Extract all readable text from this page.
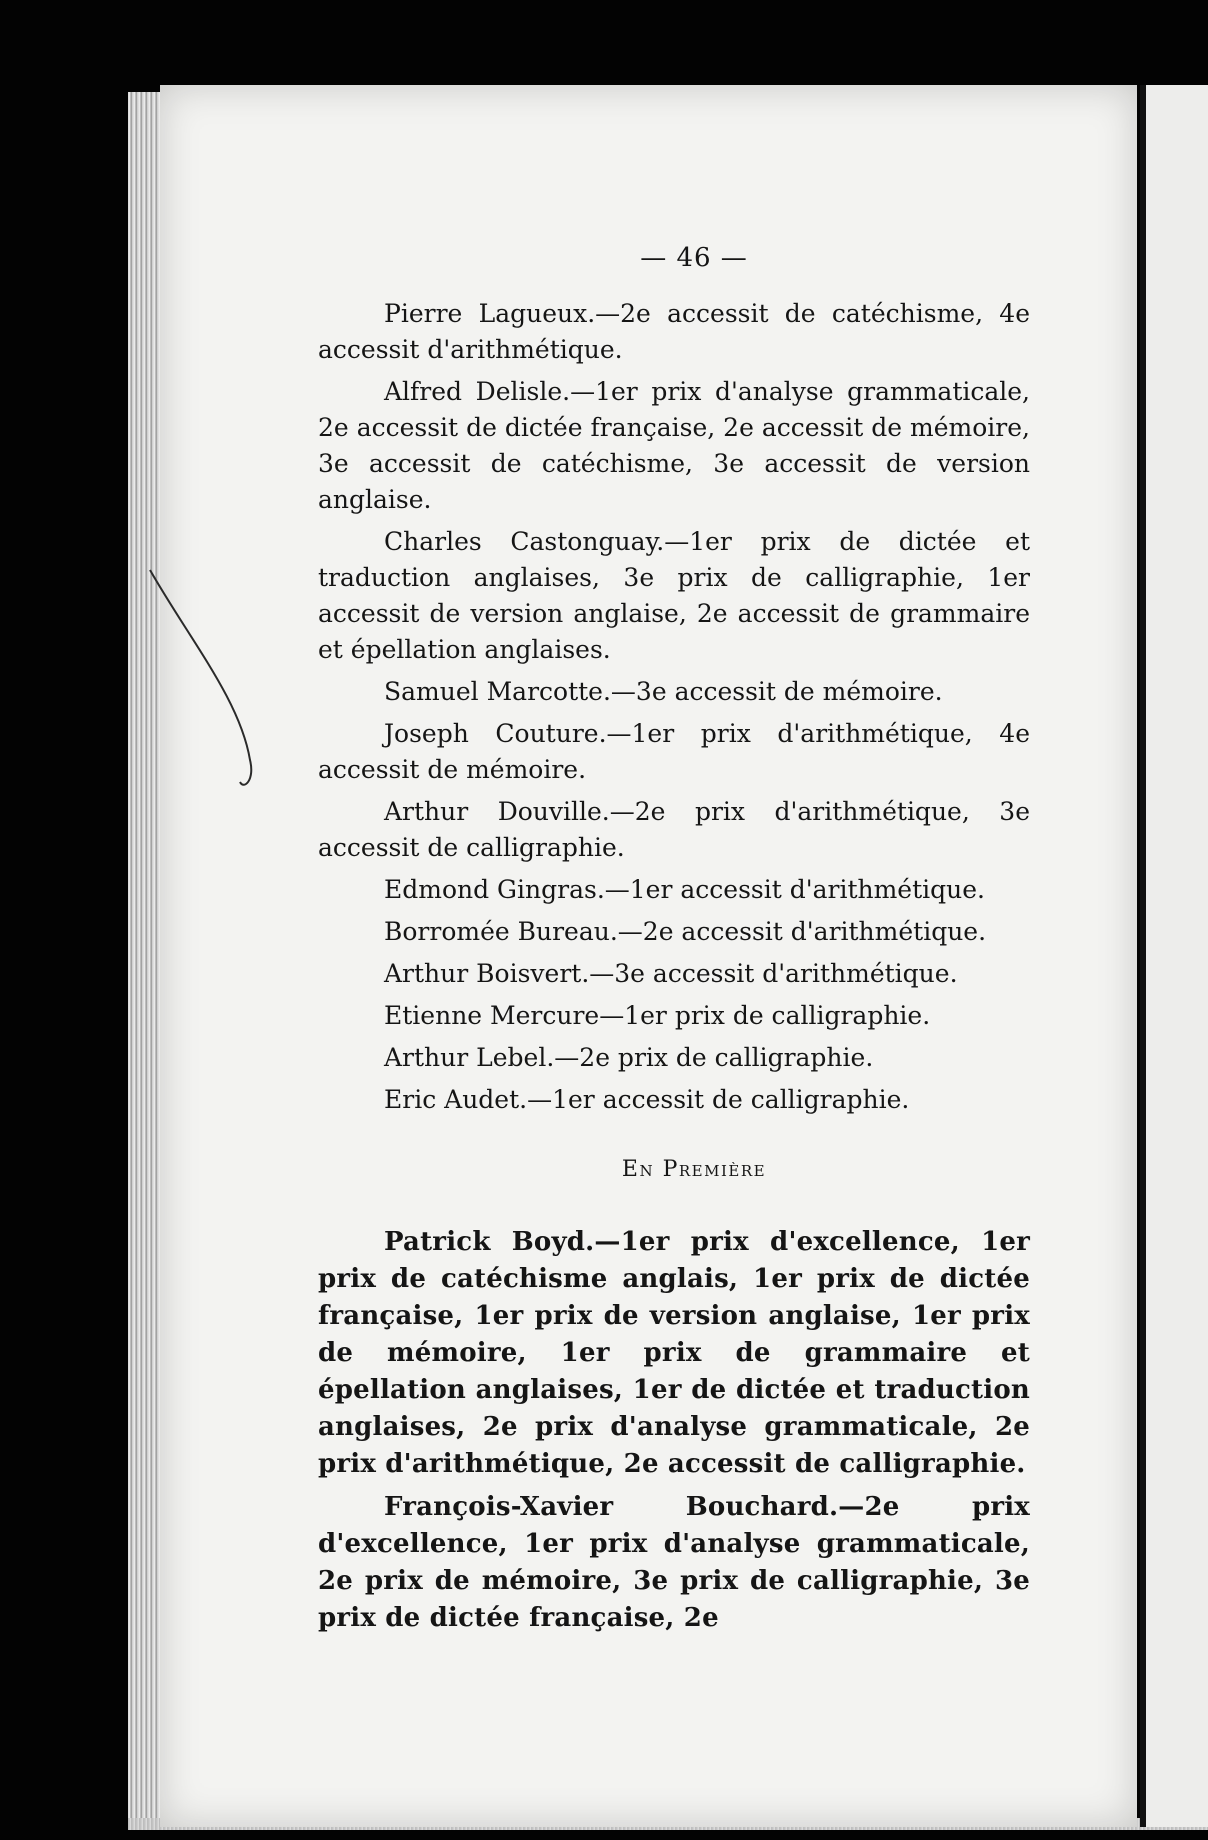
— 46 —

Pierre Lagueux.—2e accessit de catéchisme, 4e accessit d'arithmétique.

Alfred Delisle.—1er prix d'analyse grammaticale, 2e accessit de dictée française, 2e accessit de mémoire, 3e accessit de catéchisme, 3e accessit de version anglaise.

Charles Castonguay.—1er prix de dictée et traduction anglaises, 3e prix de calligraphie, 1er accessit de version anglaise, 2e accessit de grammaire et épellation anglaises.

Samuel Marcotte.—3e accessit de mémoire.

Joseph Couture.—1er prix d'arithmétique, 4e accessit de mémoire.

Arthur Douville.—2e prix d'arithmétique, 3e accessit de calligraphie.

Edmond Gingras.—1er accessit d'arithmétique.

Borromée Bureau.—2e accessit d'arithmétique.

Arthur Boisvert.—3e accessit d'arithmétique.

Etienne Mercure—1er prix de calligraphie.

Arthur Lebel.—2e prix de calligraphie.

Eric Audet.—1er accessit de calligraphie.

En Première

Patrick Boyd.—1er prix d'excellence, 1er prix de catéchisme anglais, 1er prix de dictée française, 1er prix de version anglaise, 1er prix de mémoire, 1er prix de grammaire et épellation anglaises, 1er de dictée et traduction anglaises, 2e prix d'analyse grammaticale, 2e prix d'arithmétique, 2e accessit de calligraphie.

François-Xavier Bouchard.—2e prix d'excellence, 1er prix d'analyse grammaticale, 2e prix de mémoire, 3e prix de calligraphie, 3e prix de dictée française, 2e
